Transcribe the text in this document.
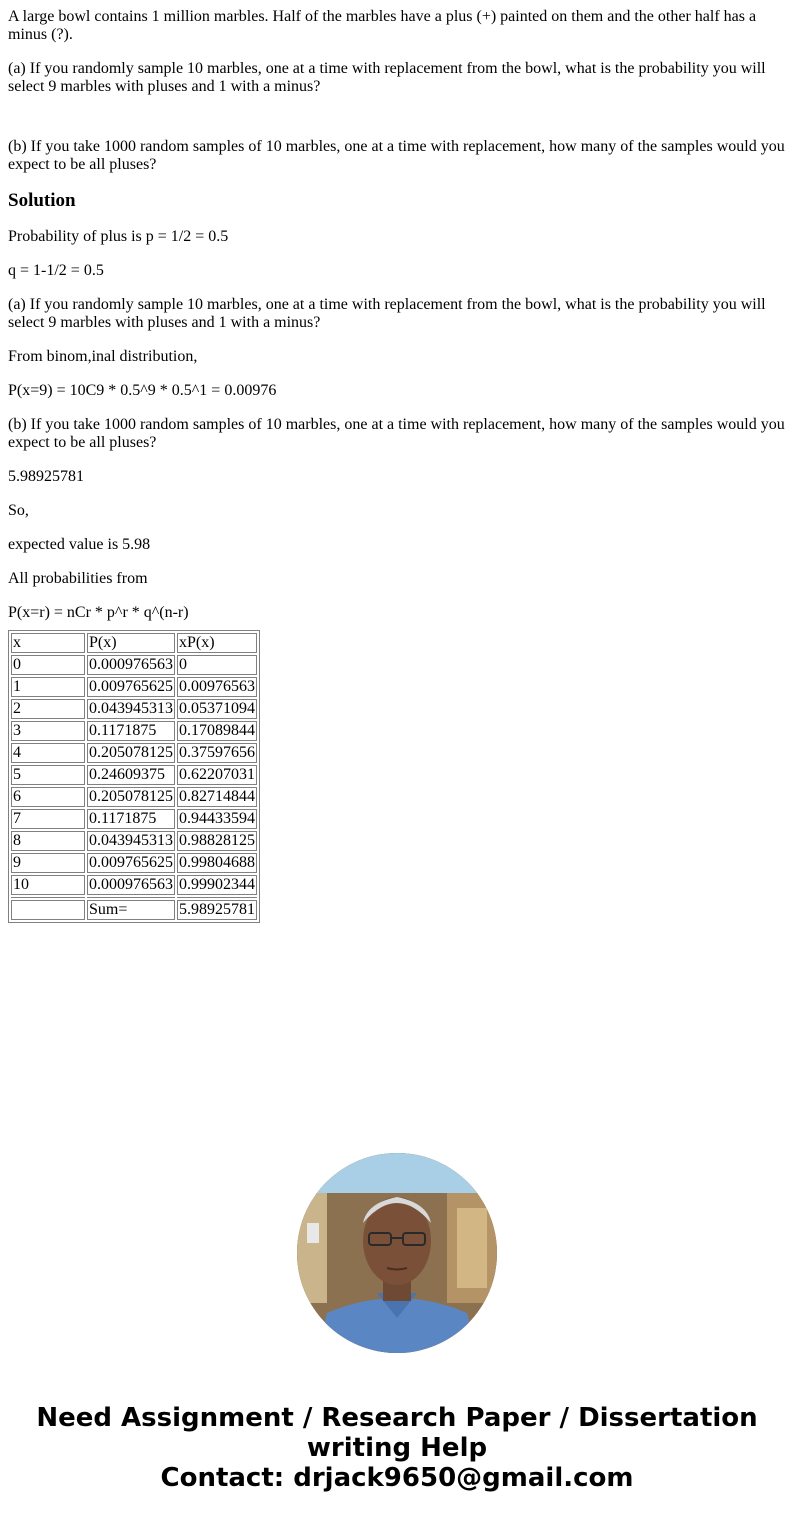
A large bowl contains 1 million marbles. Half of the marbles have a plus (+) painted on them and the other half has a minus (?).

(a) If you randomly sample 10 marbles, one at a time with replacement from the bowl, what is the probability you will select 9 marbles with pluses and 1 with a minus?

(b) If you take 1000 random samples of 10 marbles, one at a time with replacement, how many of the samples would you expect to be all pluses?

Solution

Probability of plus is p = 1/2 = 0.5

q = 1-1/2 = 0.5

(a) If you randomly sample 10 marbles, one at a time with replacement from the bowl, what is the probability you will select 9 marbles with pluses and 1 with a minus?

From binom,inal distribution,

P(x=9) = 10C9 * 0.5^9 * 0.5^1 = 0.00976

(b) If you take 1000 random samples of 10 marbles, one at a time with replacement, how many of the samples would you expect to be all pluses?

5.98925781

So,

expected value is 5.98

All probabilities from

P(x=r) = nCr * p^r * q^(n-r)

x	P(x)	xP(x)
0	0.000976563	0
1	0.009765625	0.00976563
2	0.043945313	0.05371094
3	0.1171875	0.17089844
4	0.205078125	0.37597656
5	0.24609375	0.62207031
6	0.205078125	0.82714844
7	0.1171875	0.94433594
8	0.043945313	0.98828125
9	0.009765625	0.99804688
10	0.000976563	0.99902344

	Sum=	5.98925781
Need Assignment / Research Paper / Dissertation
writing Help
Contact: drjack9650@gmail.com
